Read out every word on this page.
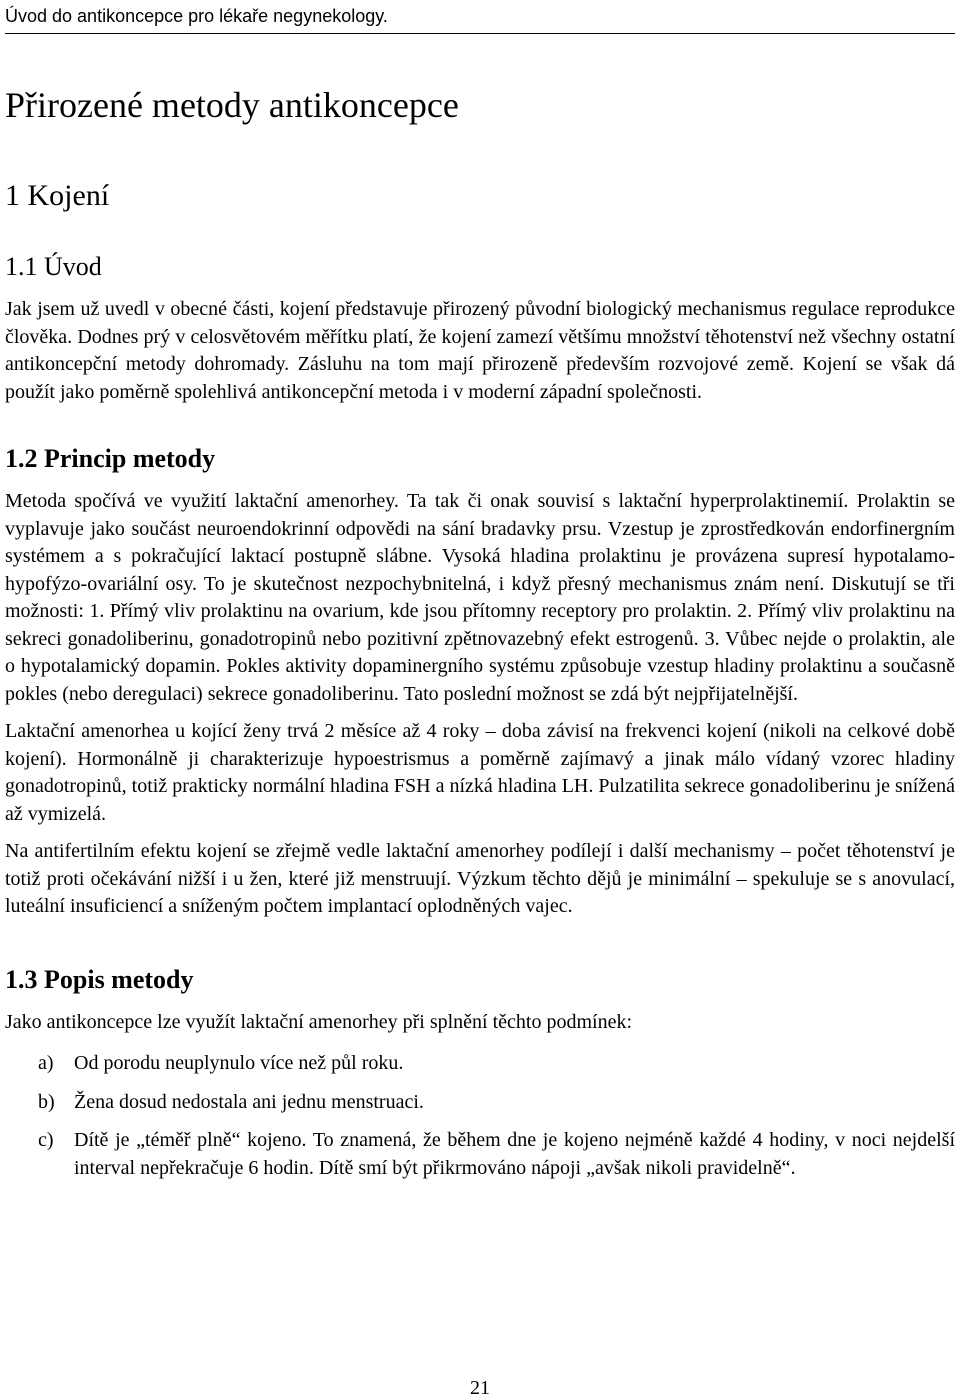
Úvod do antikoncepce pro lékaře negynekology.
Přirozené metody antikoncepce
1 Kojení
1.1 Úvod

Jak jsem už uvedl v obecné části, kojení představuje přirozený původní biologický mechanismus regulace reprodukce člověka. Dodnes prý v celosvětovém měřítku platí, že kojení zamezí většímu množství těhotenství než všechny ostatní antikoncepční metody dohromady. Zásluhu na tom mají přirozeně především rozvojové země. Kojení se však dá použít jako poměrně spolehlivá antikoncepční metoda i v moderní západní společnosti.

1.2 Princip metody

Metoda spočívá ve využití laktační amenorhey. Ta tak či onak souvisí s laktační hyperprolaktinemií. Prolaktin se vyplavuje jako součást neuroendokrinní odpovědi na sání bradavky prsu. Vzestup je zprostředkován endorfinergním systémem a s pokračující laktací postupně slábne. Vysoká hladina prolaktinu je provázena supresí hypotalamo-hypofýzo-ovariální osy. To je skutečnost nezpochybnitelná, i když přesný mechanismus znám není. Diskutují se tři možnosti: 1. Přímý vliv prolaktinu na ovarium, kde jsou přítomny receptory pro prolaktin. 2. Přímý vliv prolaktinu na sekreci gonadoliberinu, gonadotropinů nebo pozitivní zpětnovazebný efekt estrogenů. 3. Vůbec nejde o prolaktin, ale o hypotalamický dopamin. Pokles aktivity dopaminergního systému způsobuje vzestup hladiny prolaktinu a současně pokles (nebo deregulaci) sekrece gonadoliberinu. Tato poslední možnost se zdá být nejpřijatelnější.

Laktační amenorhea u kojící ženy trvá 2 měsíce až 4 roky – doba závisí na frekvenci kojení (nikoli na celkové době kojení). Hormonálně ji charakterizuje hypoestrismus a poměrně zajímavý a jinak málo vídaný vzorec hladiny gonadotropinů, totiž prakticky normální hladina FSH a nízká hladina LH. Pulzatilita sekrece gonadoliberinu je snížená až vymizelá.

Na antifertilním efektu kojení se zřejmě vedle laktační amenorhey podílejí i další mechanismy – počet těhotenství je totiž proti očekávání nižší i u žen, které již menstruují. Výzkum těchto dějů je minimální – spekuluje se s anovulací, luteální insuficiencí a sníženým počtem implantací oplodněných vajec.

1.3 Popis metody

Jako antikoncepce lze využít laktační amenorhey při splnění těchto podmínek:

a) Od porodu neuplynulo více než půl roku.
b) Žena dosud nedostala ani jednu menstruaci.
c) Dítě je „téměř plně“ kojeno. To znamená, že během dne je kojeno nejméně každé 4 hodiny, v noci nejdelší interval nepřekračuje 6 hodin. Dítě smí být přikrmováno nápoji „avšak nikoli pravidelně“.
21
